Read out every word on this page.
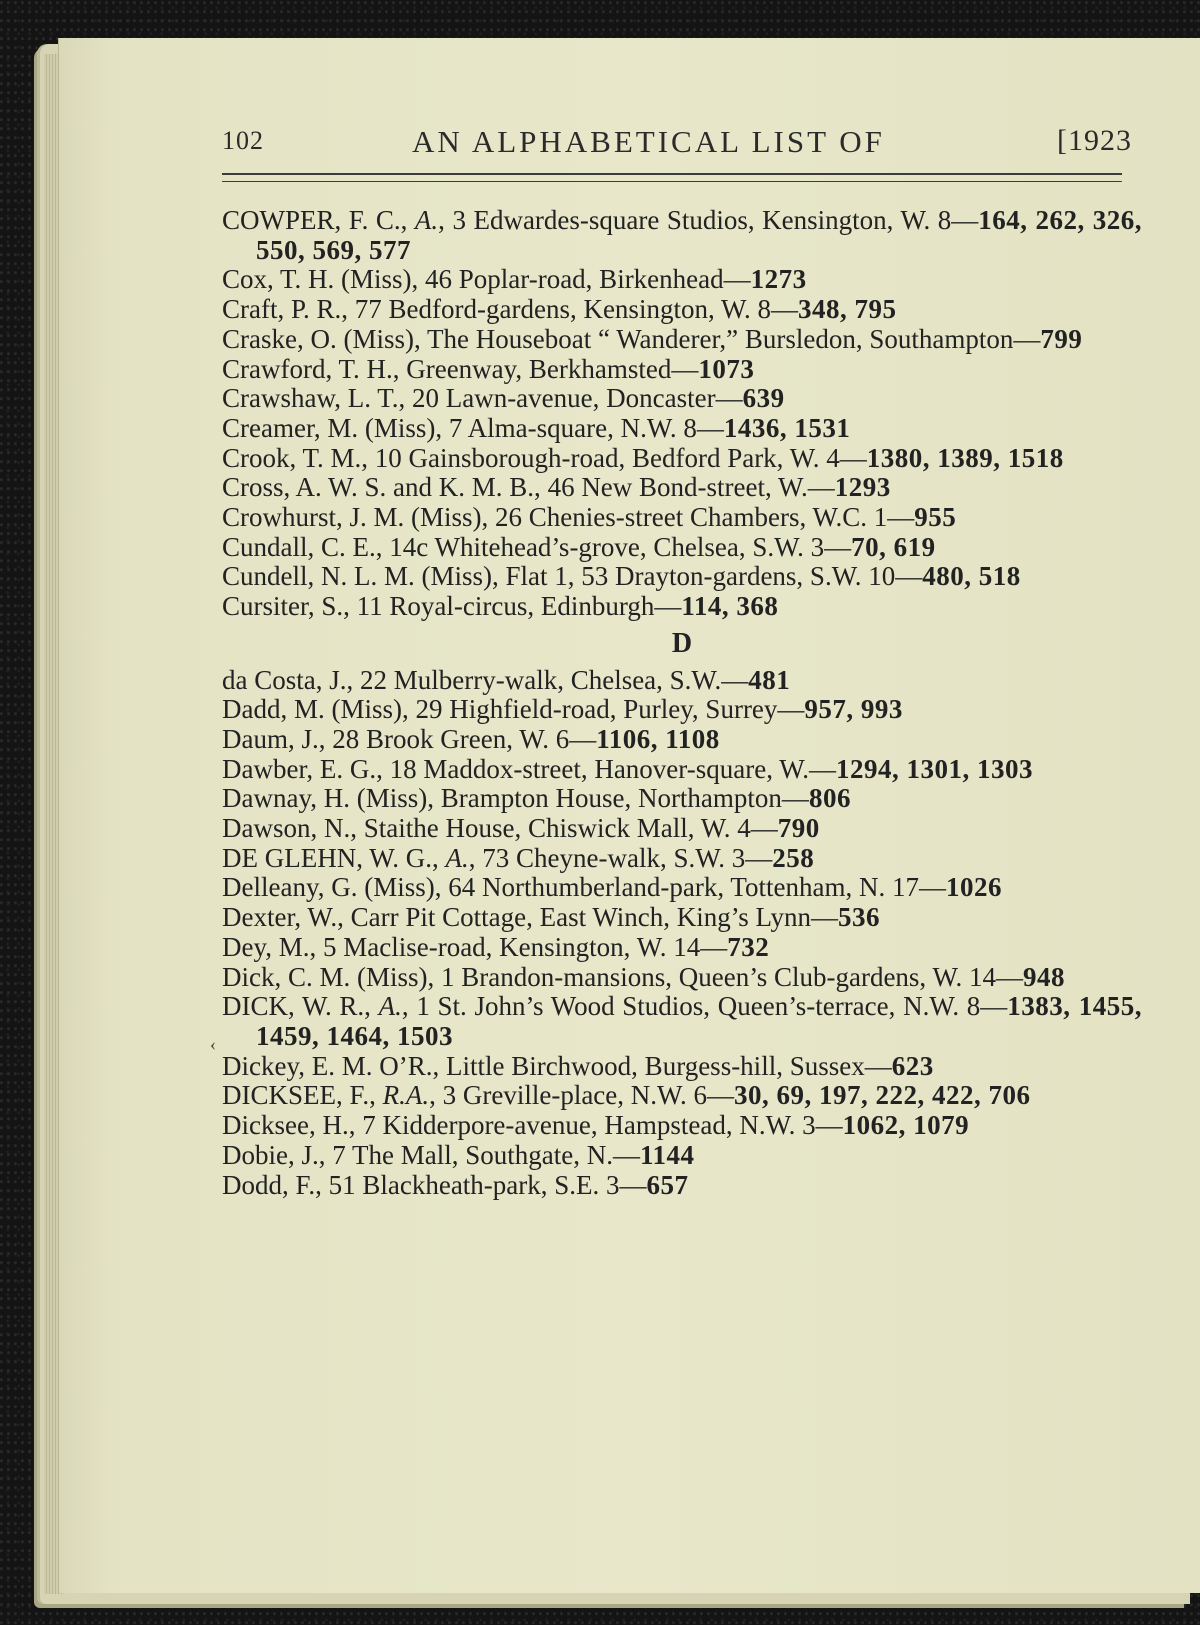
102	AN ALPHABETICAL LIST OF	[1923
COWPER, F. C., A., 3 Edwardes-square Studios, Kensington, W. 8—164, 262, 326, 550, 569, 577
Cox, T. H. (Miss), 46 Poplar-road, Birkenhead—1273
Craft, P. R., 77 Bedford-gardens, Kensington, W. 8—348, 795
Craske, O. (Miss), The Houseboat “ Wanderer,” Bursledon, Southampton—799
Crawford, T. H., Greenway, Berkhamsted—1073
Crawshaw, L. T., 20 Lawn-avenue, Doncaster—639
Creamer, M. (Miss), 7 Alma-square, N.W. 8—1436, 1531
Crook, T. M., 10 Gainsborough-road, Bedford Park, W. 4—1380, 1389, 1518
Cross, A. W. S. and K. M. B., 46 New Bond-street, W.—1293
Crowhurst, J. M. (Miss), 26 Chenies-street Chambers, W.C. 1—955
Cundall, C. E., 14c Whitehead’s-grove, Chelsea, S.W. 3—70, 619
Cundell, N. L. M. (Miss), Flat 1, 53 Drayton-gardens, S.W. 10—480, 518
Cursiter, S., 11 Royal-circus, Edinburgh—114, 368
D
da Costa, J., 22 Mulberry-walk, Chelsea, S.W.—481
Dadd, M. (Miss), 29 Highfield-road, Purley, Surrey—957, 993
Daum, J., 28 Brook Green, W. 6—1106, 1108
Dawber, E. G., 18 Maddox-street, Hanover-square, W.—1294, 1301, 1303
Dawnay, H. (Miss), Brampton House, Northampton—806
Dawson, N., Staithe House, Chiswick Mall, W. 4—790
DE GLEHN, W. G., A., 73 Cheyne-walk, S.W. 3—258
Delleany, G. (Miss), 64 Northumberland-park, Tottenham, N. 17—1026
Dexter, W., Carr Pit Cottage, East Winch, King’s Lynn—536
Dey, M., 5 Maclise-road, Kensington, W. 14—732
Dick, C. M. (Miss), 1 Brandon-mansions, Queen’s Club-gardens, W. 14—948
DICK, W. R., A., 1 St. John’s Wood Studios, Queen’s-terrace, N.W. 8—1383, 1455, 1459, 1464, 1503
Dickey, E. M. O’R., Little Birchwood, Burgess-hill, Sussex—623
DICKSEE, F., R.A., 3 Greville-place, N.W. 6—30, 69, 197, 222, 422, 706
Dicksee, H., 7 Kidderpore-avenue, Hampstead, N.W. 3—1062, 1079
Dobie, J., 7 The Mall, Southgate, N.—1144
Dodd, F., 51 Blackheath-park, S.E. 3—657
‹
